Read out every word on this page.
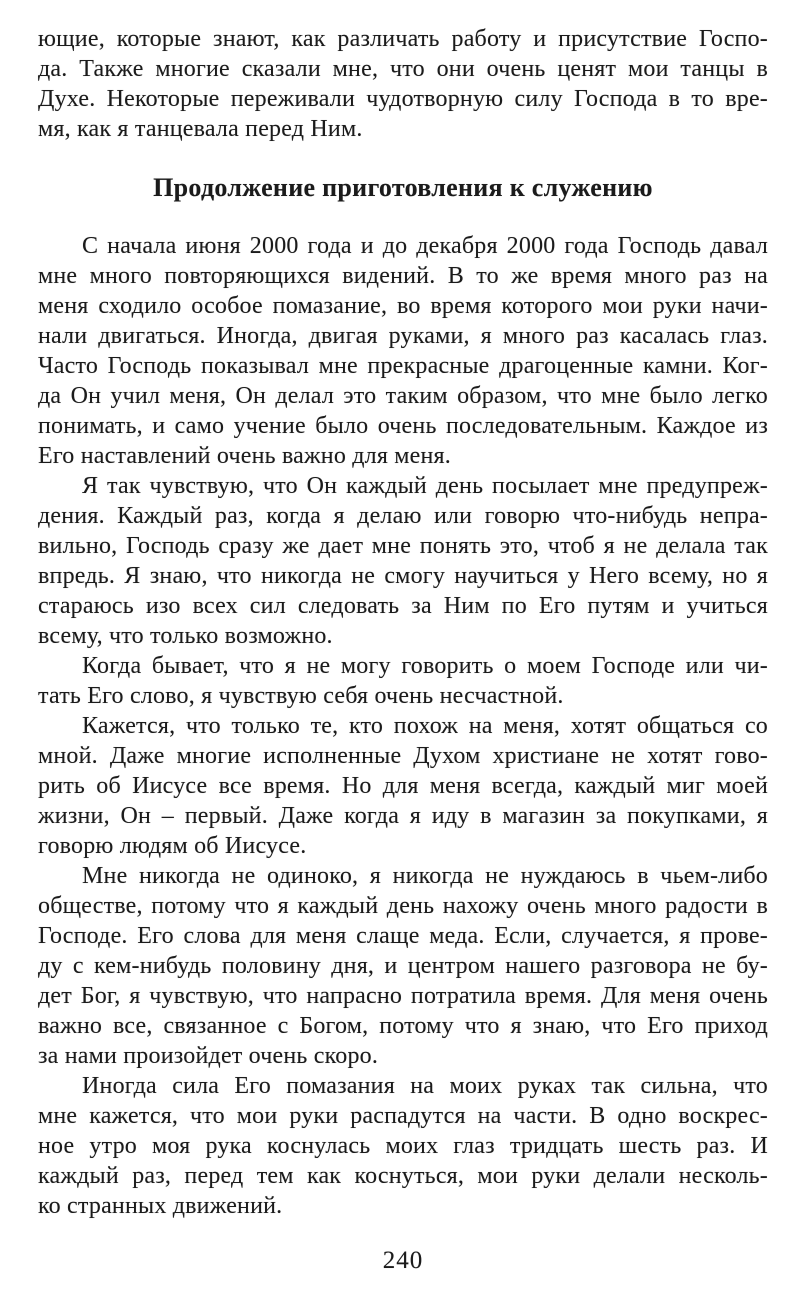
ющие, которые знают, как различать работу и присутствие Госпо-
да. Также многие сказали мне, что они очень ценят мои танцы в
Духе. Некоторые переживали чудотворную силу Господа в то вре-
мя, как я танцевала перед Ним.

Продолжение приготовления к служению

С начала июня 2000 года и до декабря 2000 года Господь давал
мне много повторяющихся видений. В то же время много раз на
меня сходило особое помазание, во время которого мои руки начи-
нали двигаться. Иногда, двигая руками, я много раз касалась глаз.
Часто Господь показывал мне прекрасные драгоценные камни. Ког-
да Он учил меня, Он делал это таким образом, что мне было легко
понимать, и само учение было очень последовательным. Каждое из
Его наставлений очень важно для меня.

Я так чувствую, что Он каждый день посылает мне предупреж-
дения. Каждый раз, когда я делаю или говорю что-нибудь непра-
вильно, Господь сразу же дает мне понять это, чтоб я не делала так
впредь. Я знаю, что никогда не смогу научиться у Него всему, но я
стараюсь изо всех сил следовать за Ним по Его путям и учиться
всему, что только возможно.

Когда бывает, что я не могу говорить о моем Господе или чи-
тать Его слово, я чувствую себя очень несчастной.

Кажется, что только те, кто похож на меня, хотят общаться со
мной. Даже многие исполненные Духом христиане не хотят гово-
рить об Иисусе все время. Но для меня всегда, каждый миг моей
жизни, Он – первый. Даже когда я иду в магазин за покупками, я
говорю людям об Иисусе.

Мне никогда не одиноко, я никогда не нуждаюсь в чьем-либо
обществе, потому что я каждый день нахожу очень много радости в
Господе. Его слова для меня слаще меда. Если, случается, я прове-
ду с кем-нибудь половину дня, и центром нашего разговора не бу-
дет Бог, я чувствую, что напрасно потратила время. Для меня очень
важно все, связанное с Богом, потому что я знаю, что Его приход
за нами произойдет очень скоро.

Иногда сила Его помазания на моих руках так сильна, что
мне кажется, что мои руки распадутся на части. В одно воскрес-
ное утро моя рука коснулась моих глаз тридцать шесть раз. И
каждый раз, перед тем как коснуться, мои руки делали несколь-
ко странных движений.

240
